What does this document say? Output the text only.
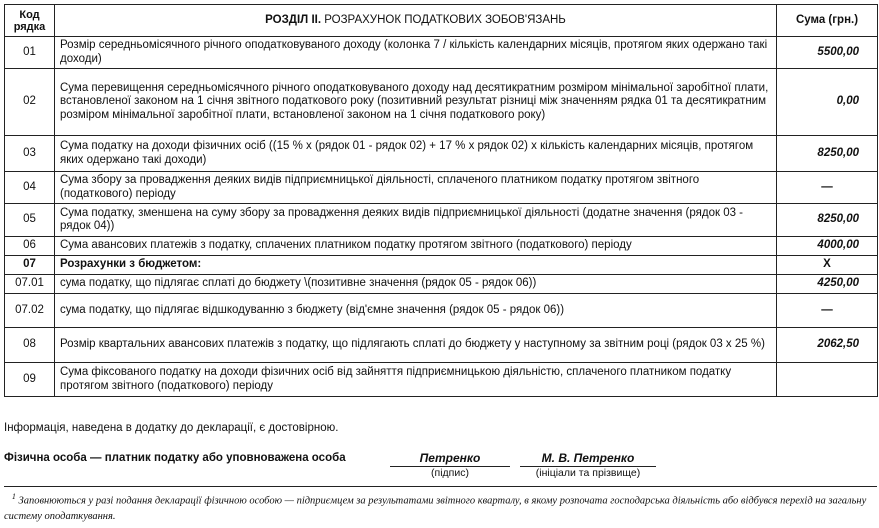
Код рядка	РОЗДІЛ ІІ. РОЗРАХУНОК ПОДАТКОВИХ ЗОБОВ'ЯЗАНЬ	Сума (грн.)
01	Розмір середньомісячного річного оподатковуваного доходу (колонка 7 / кількість календарних місяців, протягом яких одержано такі доходи)	5500,00
02	Сума перевищення середньомісячного річного оподатковуваного доходу над десятикратним розміром мінімальної заробітної плати, встановленої законом на 1 січня звітного податкового року (позитивний результат різниці між значенням рядка 01 та десятикратним розміром мінімальної заробітної плати, встановленої законом на 1 січня податкового року)	0,00
03	Сума податку на доходи фізичних осіб ((15 % х (рядок 01 - рядок 02) + 17 % х рядок 02) х кількість календарних місяців, протягом яких одержано такі доходи)	8250,00
04	Сума збору за провадження деяких видів підприємницької діяльності, сплаченого платником податку протягом звітного (податкового) періоду	—
05	Сума податку, зменшена на суму збору за провадження деяких видів підприємницької діяльності (додатне значення (рядок 03 - рядок 04))	8250,00
06	Сума авансових платежів з податку, сплачених платником податку протягом звітного (податкового) періоду	4000,00
07	Розрахунки з бюджетом:	Х
07.01	сума податку, що підлягає сплаті до бюджету \(позитивне значення (рядок 05 - рядок 06))	4250,00
07.02	сума податку, що підлягає відшкодуванню з бюджету (від'ємне значення (рядок 05 - рядок 06))	—
08	Розмір квартальних авансових платежів з податку, що підлягають сплаті до бюджету у наступному за звітним році (рядок 03 х 25 %)	2062,50
09	Сума фіксованого податку на доходи фізичних осіб від зайняття підприємницькою діяльністю, сплаченого платником податку протягом звітного (податкового) періоду	
Інформація, наведена в додатку до декларації, є достовірною.
Фізична особа — платник податку або уповноважена особа	Петренко
(підпис)
М. В. Петренко
(ініціали та прізвище)
$^1$ Заповнюються у разі подання декларації фізичною особою — підприємцем за результатами звітного кварталу, в якому розпочата господарська діяльність або відбувся перехід на загальну систему оподаткування.
